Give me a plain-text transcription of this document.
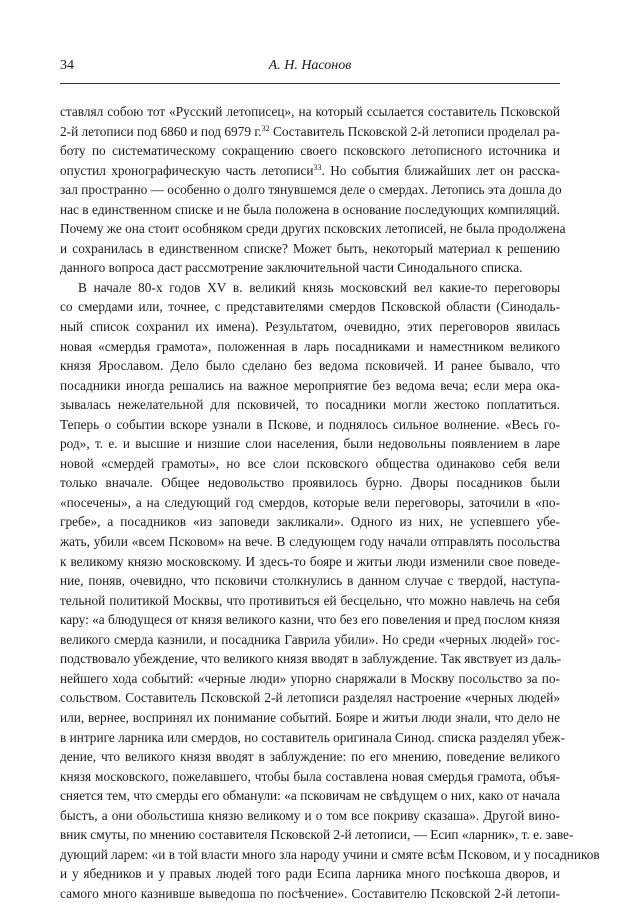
34	А. Н. Насонов
ставлял собою тот «Русский летописец», на который ссылается составитель Псковской
2-й летописи под 6860 и под 6979 г.$^{32}$ Составитель Псковской 2-й летописи проделал ра-
боту по систематическому сокращению своего псковского летописного источника и
опустил хронографическую часть летописи$^{33}$. Но события ближайших лет он расска-
зал пространно — особенно о долго тянувшемся деле о смердах. Летопись эта дошла до
нас в единственном списке и не была положена в основание последующих компиляций.
Почему же она стоит особняком среди других псковских летописей, не была продолжена
и сохранилась в единственном списке? Может быть, некоторый материал к решению
данного вопроса даст рассмотрение заключительной части Синодального списка.
В начале 80-х годов XV в. великий князь московский вел какие-то переговоры
со смердами или, точнее, с представителями смердов Псковской области (Синодаль-
ный список сохранил их имена). Результатом, очевидно, этих переговоров явилась
новая «смердья грамота», положенная в ларь посадниками и наместником великого
князя Ярославом. Дело было сделано без ведома псковичей. И ранее бывало, что
посадники иногда решались на важное мероприятие без ведома веча; если мера ока-
зывалась нежелательной для псковичей, то посадники могли жестоко поплатиться.
Теперь о событии вскоре узнали в Пскове, и поднялось сильное волнение. «Весь го-
род», т. е. и высшие и низшие слои населения, были недовольны появлением в ларе
новой «смердей грамоты», но все слои псковского общества одинаково себя вели
только вначале. Общее недовольство проявилось бурно. Дворы посадников были
«посечены», а на следующий год смердов, которые вели переговоры, заточили в «по-
гребе», а посадников «из заповеди закликали». Одного из них, не успевшего убе-
жать, убили «всем Псковом» на вече. В следующем году начали отправлять посольства
к великому князю московскому. И здесь-то бояре и житьи люди изменили свое поведе-
ние, поняв, очевидно, что псковичи столкнулись в данном случае с твердой, наступа-
тельной политикой Москвы, что противиться ей бесцельно, что можно навлечь на себя
кару: «а блюдущеся от князя великого казни, что без его повеления и пред послом князя
великого смерда казнили, и посадника Гаврила убили». Но среди «черных людей» гос-
подствовало убеждение, что великого князя вводят в заблуждение. Так явствует из даль-
нейшего хода событий: «черные люди» упорно снаряжали в Москву посольство за по-
сольством. Составитель Псковской 2-й летописи разделял настроение «черных людей»
или, вернее, воспринял их понимание событий. Бояре и житьи люди знали, что дело не
в интриге ларника или смердов, но составитель оригинала Синод. списка разделял убеж-
дение, что великого князя вводят в заблуждение: по его мнению, поведение великого
князя московского, пожелавшего, чтобы была составлена новая смердья грамота, объя-
сняется тем, что смерды его обманули: «а псковичам не свѣдущем о них, како от начала
быстъ, а они обольстиша князю великому и о том все покриву сказаша». Другой вино-
вник смуты, по мнению составителя Псковской 2-й летописи, — Есип «ларник», т. е. заве-
дующий ларем: «и в той власти много зла народу учини и смяте всѣм Псковом, и у посадников
и у ябедников и у правых людей того ради Есипа ларника много посѣкоша дворов, и
самого много казнивше выведоша по посѣчение». Составителю Псковской 2-й летопи-
